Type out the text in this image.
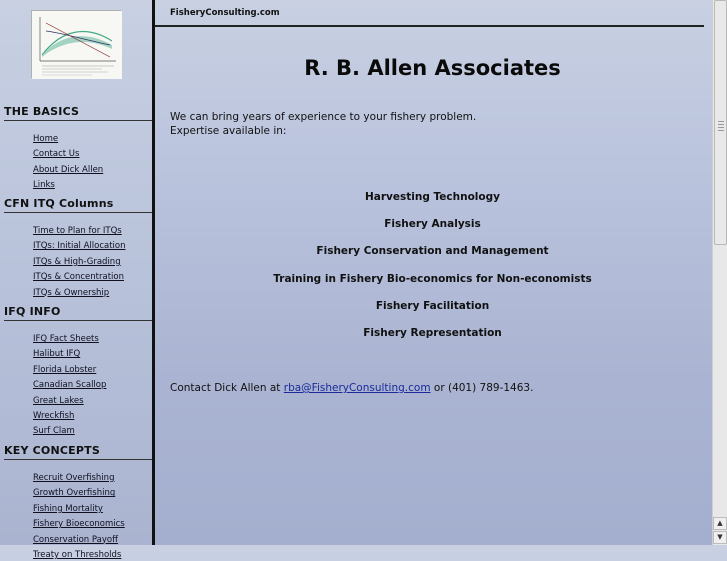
THE BASICS
Home
Contact Us
About Dick Allen
Links
CFN ITQ Columns
Time to Plan for ITQs
ITQs: Initial Allocation
ITQs & High-Grading
ITQs & Concentration
ITQs & Ownership
IFQ INFO
IFQ Fact Sheets
Halibut IFQ
Florida Lobster
Canadian Scallop
Great Lakes
Wreckfish
Surf Clam
KEY CONCEPTS
Recruit Overfishing
Growth Overfishing
Fishing Mortality
Fishery Bioeconomics
Conservation Payoff
Treaty on Thresholds
FisheryConsulting.com
R. B. Allen Associates
We can bring years of experience to your fishery problem.
Expertise available in:
Harvesting Technology
Fishery Analysis
Fishery Conservation and Management
Training in Fishery Bio-economics for Non-economists
Fishery Facilitation
Fishery Representation
Contact Dick Allen at rba@FisheryConsulting.com or (401) 789-1463.
▲
▼
